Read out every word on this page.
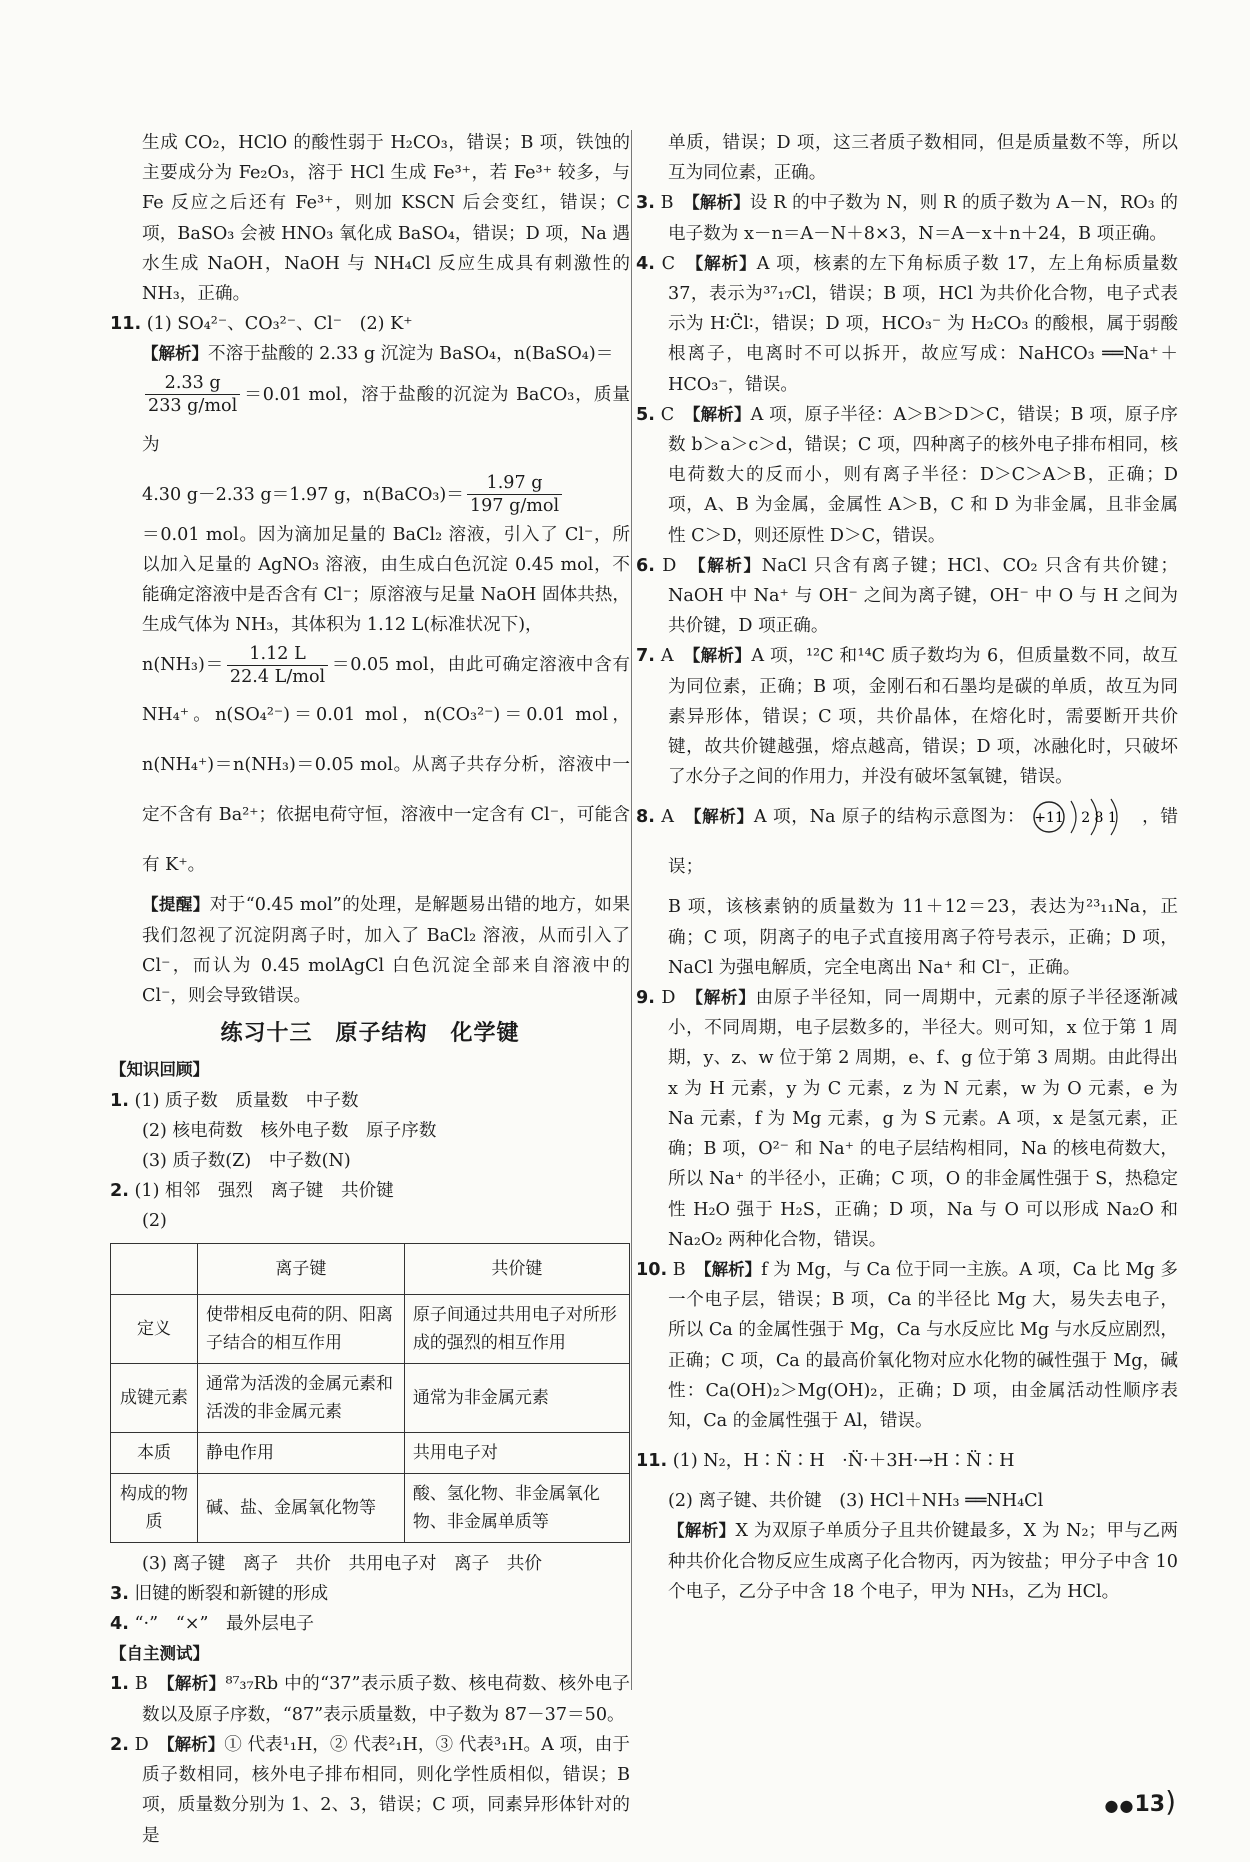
生成 CO₂，HClO 的酸性弱于 H₂CO₃，错误；B 项，铁蚀的主要成分为 Fe₂O₃，溶于 HCl 生成 Fe³⁺，若 Fe³⁺ 较多，与 Fe 反应之后还有 Fe³⁺，则加 KSCN 后会变红，错误；C 项，BaSO₃ 会被 HNO₃ 氧化成 BaSO₄，错误；D 项，Na 遇水生成 NaOH，NaOH 与 NH₄Cl 反应生成具有刺激性的 NH₃，正确。

11. (1) SO₄²⁻、CO₃²⁻、Cl⁻　(2) K⁺

【解析】不溶于盐酸的 2.33 g 沉淀为 BaSO₄，n(BaSO₄)＝

$\frac{2.33 g}{\text{233 g/mol}} =0.01$ mol，溶于盐酸的沉淀为 BaCO₃，质量为

4.30 g－2.33 g＝1.97 g，n(BaCO₃)＝ $\frac{1.97 g}{\text{197 g/mol}}$

＝0.01 mol。因为滴加足量的 BaCl₂ 溶液，引入了 Cl⁻，所以加入足量的 AgNO₃ 溶液，由生成白色沉淀 0.45 mol，不能确定溶液中是否含有 Cl⁻；原溶液与足量 NaOH 固体共热，生成气体为 NH₃，其体积为 1.12 L(标准状况下)，

$n(NH_3)= \frac{1.12 L}{\text{22.4 L/mol}} =0.05$ mol，由此可确定溶液中含有 NH₄⁺。n(SO₄²⁻)＝0.01 mol，n(CO₃²⁻)＝0.01 mol，n(NH₄⁺)＝n(NH₃)＝0.05 mol。从离子共存分析，溶液中一定不含有 Ba²⁺；依据电荷守恒，溶液中一定含有 Cl⁻，可能含有 K⁺。

【提醒】对于“0.45 mol”的处理，是解题易出错的地方，如果我们忽视了沉淀阴离子时，加入了 BaCl₂ 溶液，从而引入了 Cl⁻，而认为 0.45 molAgCl 白色沉淀全部来自溶液中的 Cl⁻，则会导致错误。

练习十三　原子结构　化学键

【知识回顾】

1. (1) 质子数　质量数　中子数

(2) 核电荷数　核外电子数　原子序数

(3) 质子数(Z)　中子数(N)

2. (1) 相邻　强烈　离子键　共价键

(2)

	离子键	共价键
定义	使带相反电荷的阴、阳离子结合的相互作用	原子间通过共用电子对所形成的强烈的相互作用
成键元素	通常为活泼的金属元素和活泼的非金属元素	通常为非金属元素
本质	静电作用	共用电子对
构成的物质	碱、盐、金属氧化物等	酸、氢化物、非金属氧化物、非金属单质等

(3) 离子键　离子　共价　共用电子对　离子　共价

3. 旧键的断裂和新键的形成

4. “·”　“×”　最外层电子

【自主测试】

1. B　 【解析】⁸⁷₃₇Rb 中的“37”表示质子数、核电荷数、核外电子数以及原子序数，“87”表示质量数，中子数为 87－37＝50。

2. D　 【解析】① 代表¹₁H，② 代表²₁H，③ 代表³₁H。A 项，由于质子数相同，核外电子排布相同，则化学性质相似，错误；B 项，质量数分别为 1、2、3，错误；C 项，同素异形体针对的是

单质，错误；D 项，这三者质子数相同，但是质量数不等，所以互为同位素，正确。

3. B　 【解析】设 R 的中子数为 N，则 R 的质子数为 A－N，RO₃ 的电子数为 x－n＝A－N＋8×3，N＝A－x＋n＋24，B 项正确。

4. C　 【解析】A 项，核素的左下角标质子数 17，左上角标质量数 37，表示为³⁷₁₇Cl，错误；B 项，HCl 为共价化合物，电子式表示为 H∶C̈l∶，错误；D 项，HCO₃⁻ 为 H₂CO₃ 的酸根，属于弱酸根离子，电离时不可以拆开，故应写成：NaHCO₃ ══Na⁺＋HCO₃⁻，错误。

5. C　 【解析】A 项，原子半径：A＞B＞D＞C，错误；B 项，原子序数 b＞a＞c＞d，错误；C 项，四种离子的核外电子排布相同，核电荷数大的反而小，则有离子半径：D＞C＞A＞B，正确；D 项，A、B 为金属，金属性 A＞B，C 和 D 为非金属，且非金属性 C＞D，则还原性 D＞C，错误。

6. D　 【解析】NaCl 只含有离子键；HCl、CO₂ 只含有共价键；NaOH 中 Na⁺ 与 OH⁻ 之间为离子键，OH⁻ 中 O 与 H 之间为共价键，D 项正确。

7. A　 【解析】A 项，¹²C 和¹⁴C 质子数均为 6，但质量数不同，故互为同位素，正确；B 项，金刚石和石墨均是碳的单质，故互为同素异形体，错误；C 项，共价晶体，在熔化时，需要断开共价键，故共价键越强，熔点越高，错误；D 项，冰融化时，只破坏了水分子之间的作用力，并没有破坏氢氧键，错误。

8. A　 【解析】A 项，Na 原子的结构示意图为： +11 2 8 1 ，错误；

B 项，该核素钠的质量数为 11＋12＝23，表达为²³₁₁Na，正确；C 项，阴离子的电子式直接用离子符号表示，正确；D 项，NaCl 为强电解质，完全电离出 Na⁺ 和 Cl⁻，正确。

9. D　 【解析】由原子半径知，同一周期中，元素的原子半径逐渐减小，不同周期，电子层数多的，半径大。则可知，x 位于第 1 周期，y、z、w 位于第 2 周期，e、f、g 位于第 3 周期。由此得出 x 为 H 元素，y 为 C 元素，z 为 N 元素，w 为 O 元素，e 为 Na 元素，f 为 Mg 元素，g 为 S 元素。A 项，x 是氢元素，正确；B 项，O²⁻ 和 Na⁺ 的电子层结构相同，Na 的核电荷数大，所以 Na⁺ 的半径小，正确；C 项，O 的非金属性强于 S，热稳定性 H₂O 强于 H₂S，正确；D 项，Na 与 O 可以形成 Na₂O 和 Na₂O₂ 两种化合物，错误。

10. B　 【解析】f 为 Mg，与 Ca 位于同一主族。A 项，Ca 比 Mg 多一个电子层，错误；B 项，Ca 的半径比 Mg 大，易失去电子，所以 Ca 的金属性强于 Mg，Ca 与水反应比 Mg 与水反应剧烈，正确；C 项，Ca 的最高价氧化物对应水化物的碱性强于 Mg，碱性：Ca(OH)₂＞Mg(OH)₂，正确；D 项，由金属活动性顺序表知，Ca 的金属性强于 Al，错误。

11. (1) N₂，H∶N̈∶H　·N̈·＋3H·→H∶N̈∶H

(2) 离子键、共价键　(3) HCl＋NH₃ ══NH₄Cl

【解析】X 为双原子单质分子且共价键最多，X 为 N₂；甲与乙两种共价化合物反应生成离子化合物丙，丙为铵盐；甲分子中含 10 个电子，乙分子中含 18 个电子，甲为 NH₃，乙为 HCl。

●●13)
